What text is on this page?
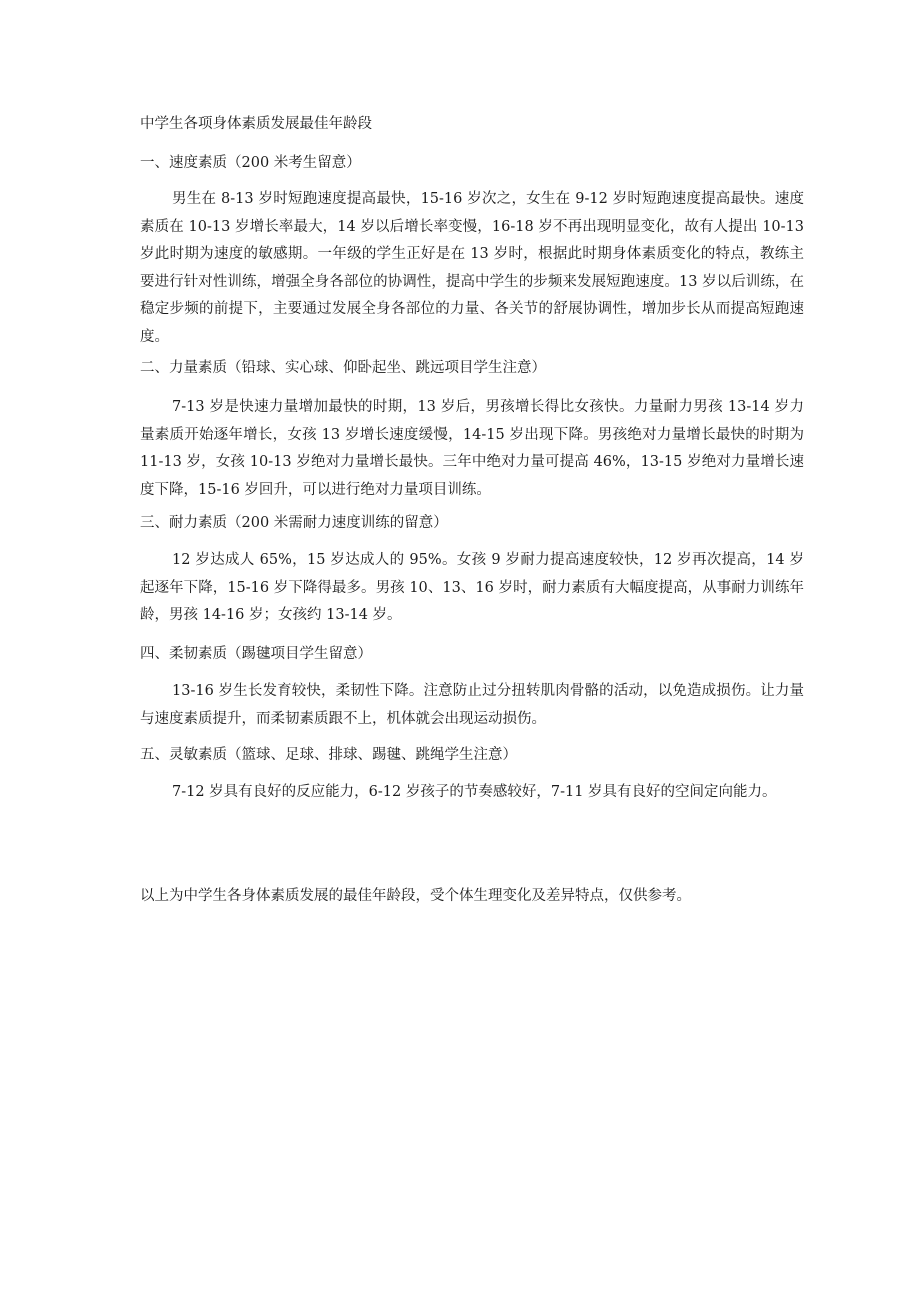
中学生各项身体素质发展最佳年龄段
一、速度素质（200 米考生留意）
男生在 8-13 岁时短跑速度提高最快，15-16 岁次之，女生在 9-12 岁时短跑速度提高最快。速度素质在 10-13 岁增长率最大，14 岁以后增长率变慢，16-18 岁不再出现明显变化，故有人提出 10-13 岁此时期为速度的敏感期。一年级的学生正好是在 13 岁时，根据此时期身体素质变化的特点，教练主要进行针对性训练，增强全身各部位的协调性，提高中学生的步频来发展短跑速度。13 岁以后训练，在稳定步频的前提下，主要通过发展全身各部位的力量、各关节的舒展协调性，增加步长从而提高短跑速度。
二、力量素质（铅球、实心球、仰卧起坐、跳远项目学生注意）
7-13 岁是快速力量增加最快的时期，13 岁后，男孩增长得比女孩快。力量耐力男孩 13-14 岁力量素质开始逐年增长，女孩 13 岁增长速度缓慢，14-15 岁出现下降。男孩绝对力量增长最快的时期为 11-13 岁，女孩 10-13 岁绝对力量增长最快。三年中绝对力量可提高 46%，13-15 岁绝对力量增长速度下降，15-16 岁回升，可以进行绝对力量项目训练。
三、耐力素质（200 米需耐力速度训练的留意）
12 岁达成人 65%，15 岁达成人的 95%。女孩 9 岁耐力提高速度较快，12 岁再次提高，14 岁起逐年下降，15-16 岁下降得最多。男孩 10、13、16 岁时，耐力素质有大幅度提高，从事耐力训练年龄，男孩 14-16 岁；女孩约 13-14 岁。
四、柔韧素质（踢毽项目学生留意）
13-16 岁生长发育较快，柔韧性下降。注意防止过分扭转肌肉骨骼的活动，以免造成损伤。让力量与速度素质提升，而柔韧素质跟不上，机体就会出现运动损伤。
五、灵敏素质（篮球、足球、排球、踢毽、跳绳学生注意）
7-12 岁具有良好的反应能力，6-12 岁孩子的节奏感较好，7-11 岁具有良好的空间定向能力。
以上为中学生各身体素质发展的最佳年龄段，受个体生理变化及差异特点，仅供参考。
